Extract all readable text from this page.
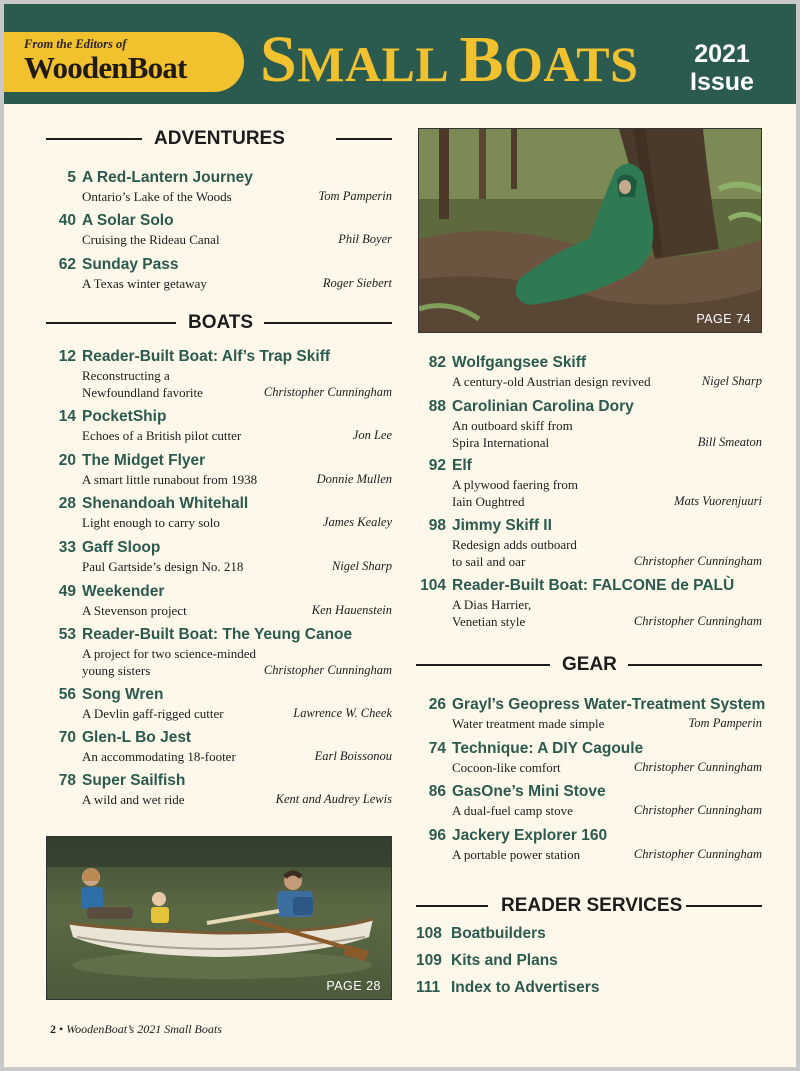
From the Editors of
WoodenBoat SMALL BOATS	2021
Issue
ADVENTURES
5 A Red-Lantern Journey
Ontario’s Lake of the Woods	Tom Pamperin
40 A Solar Solo
Cruising the Rideau Canal	Phil Boyer
62 Sunday Pass
A Texas winter getaway	Roger Siebert
BOATS
12 Reader-Built Boat: Alf’s Trap Skiff
Reconstructing a
Newfoundland favorite	Christopher Cunningham
14 PocketShip
Echoes of a British pilot cutter	Jon Lee
20 The Midget Flyer
A smart little runabout from 1938	Donnie Mullen
28 Shenandoah Whitehall
Light enough to carry solo	James Kealey
33 Gaff Sloop
Paul Gartside’s design No. 218	Nigel Sharp
49 Weekender
A Stevenson project	Ken Hauenstein
53 Reader-Built Boat: The Yeung Canoe
A project for two science-minded
young sisters	Christopher Cunningham
56 Song Wren
A Devlin gaff-rigged cutter	Lawrence W. Cheek
70 Glen-L Bo Jest
An accommodating 18-footer	Earl Boissonou
78 Super Sailfish
A wild and wet ride	Kent and Audrey Lewis
PAGE 28
PAGE 74
82 Wolfgangsee Skiff
A century-old Austrian design revived	Nigel Sharp
88 Carolinian Carolina Dory
An outboard skiff from
Spira International	Bill Smeaton
92 Elf
A plywood faering from
Iain Oughtred	Mats Vuorenjuuri
98 Jimmy Skiff II
Redesign adds outboard
to sail and oar	Christopher Cunningham
104 Reader-Built Boat: FALCONE de PALÙ
A Dias Harrier,
Venetian style	Christopher Cunningham
GEAR
26 Grayl’s Geopress Water-Treatment System
Water treatment made simple	Tom Pamperin
74 Technique: A DIY Cagoule
Cocoon-like comfort	Christopher Cunningham
86 GasOne’s Mini Stove
A dual-fuel camp stove	Christopher Cunningham
96 Jackery Explorer 160
A portable power station	Christopher Cunningham
READER SERVICES
108 Boatbuilders
109 Kits and Plans
111 Index to Advertisers
2 • WoodenBoat’s 2021 Small Boats
